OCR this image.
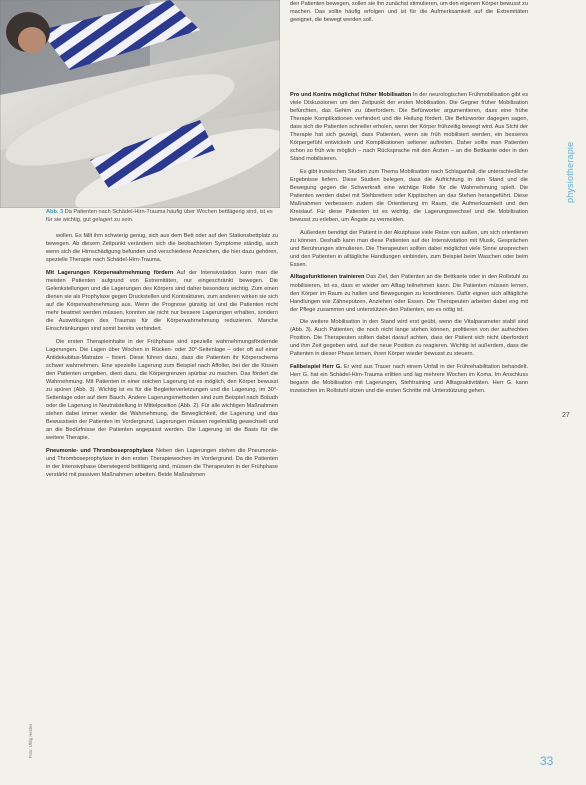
Abb. 3 Da Patienten nach Schädel-Hirn-Trauma häufig über Wochen bettlägerig sind, ist es für sie wichtig, gut gelagert zu sein.

wollen. Es fällt ihm schwierig genug, sich aus dem Bett oder auf den Stationsbettplatz zu bewegen. Ab diesem Zeitpunkt verändern sich die beobachteten Symptome ständig, auch wenn sich die Hirnschädigung befunden und verschiedene Anzeichen, die hier dazu gehören, spezielle Therapie nach Schädel-Hirn-Trauma.

Mit Lagerungen Körperwahrnehmung fördern Auf der Intensivstation kann man die meisten Patienten aufgrund von Extremitäten, nur eingeschränkt bewegen. Die Gelenkstellungen und die Lagerungen des Körpers sind daher besonders wichtig. Zum einen dienen sie als Prophylaxe gegen Druckstellen und Kontrakturen, zum anderen wirken sie sich auf die Körperwahrnehmung aus. Wenn die Prognose günstig ist und die Patienten nicht mehr beatmet werden müssen, konnten sie nicht nur bessere Lagerungen erhalten, sondern die Auswirkungen des Traumas für die Körperwahrnehmung reduzieren. Manche Einschränkungen sind somit bereits verhindert.

Die ersten Therapieinhalte in der Frühphase sind spezielle wahrnehmungsfördernde Lagerungen. Die Lagen über Wochen in Rücken- oder 30°-Seitenlage – oder oft auf einer Antidekubitus-Matratze – fixiert. Diese führen dazu, dass die Patienten ihr Körperschema schwer wahrnehmen. Eine spezielle Lagerung zum Beispiel nach Affolter, bei der die Kissen den Patienten umgeben, dient dazu, die Körpergrenzen spürbar zu machen. Das fördert die Wahrnehmung. Mit Patienten in einer solchen Lagerung ist es möglich, den Körper bewusst zu spüren (Abb. 3). Wichtig ist es für die Begleiterverletzungen und die Lagerung, im 30°-Seitenlage oder auf dem Bauch. Andere Lagerungsmethoden sind zum Beispiel nach Bobath oder die Lagerung in Neutralstellung in Mittelposition (Abb. 2). Für alle wichtigen Maßnahmen stehen dabei immer wieder die Wahrnehmung, die Beweglichkeit, die Lagerung und das Bewusstsein der Patienten im Vordergrund. Lagerungen müssen regelmäßig gewechselt und an die Bedürfnisse der Patienten angepasst werden. Die Lagerung ist die Basis für die weitere Therapie.

Pneumonie- und Thromboseprophylaxe Neben den Lagerungen stehen die Pneumonie- und Thromboseprophylaxe in den ersten Therapiewochen im Vordergrund. Da die Patienten in der Intensivphase überwiegend bettlägerig sind, müssen die Therapeuten in der Frühphase verstärkt mit passiven Maßnahmen arbeiten. Beide Maßnahmen

den Patienten bewegen, sollen sie ihn zunächst stimulieren, um den eigenen Körper bewusst zu machen. Das sollte häufig erfolgen und ist für die Aufmerksamkeit auf die Extremitäten geeignet, die bewegt werden soll.

Pro und Kontra möglichst früher Mobilisation In der neurologischen Frühmobilisation gibt es viele Diskussionen um den Zeitpunkt der ersten Mobilisation. Die Gegner früher Mobilisation befürchten, das Gehirn zu überfordern. Die Befürworter argumentieren, dass eine frühe Therapie Komplikationen verhindert und die Heilung fördert. Die Befürworter dagegen sagen, dass sich die Patienten schneller erholen, wenn der Körper frühzeitig bewegt wird. Aus Sicht der Therapie hat sich gezeigt, dass Patienten, wenn sie früh mobilisiert werden, ein besseres Körpergefühl entwickeln und Komplikationen seltener auftreten. Daher sollte man Patienten schon so früh wie möglich – nach Rücksprache mit den Ärzten – an die Bettkante oder in den Stand mobilisieren.

Es gibt inzwischen Studien zum Thema Mobilisation nach Schlaganfall, die unterschiedliche Ergebnisse liefern. Diese Studien belegen, dass die Aufrichtung in den Stand und die Bewegung gegen die Schwerkraft eine wichtige Rolle für die Wahrnehmung spielt. Die Patienten werden dabei mit Stehbrettern oder Kipptischen an das Stehen herangeführt. Diese Maßnahmen verbessern zudem die Orientierung im Raum, die Aufmerksamkeit und den Kreislauf. Für diese Patienten ist es wichtig, die Lagerungswechsel und die Mobilisation bewusst zu erleben, um Ängste zu vermeiden.

Außerdem benötigt der Patient in der Akutphase viele Reize von außen, um sich orientieren zu können. Deshalb kann man diese Patienten auf der Intensivstation mit Musik, Gesprächen und Berührungen stimulieren. Die Therapeuten sollten dabei möglichst viele Sinne ansprechen und den Patienten in alltägliche Handlungen einbinden, zum Beispiel beim Waschen oder beim Essen.

Alltagsfunktionen trainieren Das Ziel, den Patienten an die Bettkante oder in den Rollstuhl zu mobilisieren, ist es, dass er wieder am Alltag teilnehmen kann. Die Patienten müssen lernen, den Körper im Raum zu halten und Bewegungen zu koordinieren. Dafür eignen sich alltägliche Handlungen wie Zähneputzen, Anziehen oder Essen. Die Therapeuten arbeiten dabei eng mit der Pflege zusammen und unterstützen den Patienten, wo es nötig ist.

Die weitere Mobilisation in den Stand wird erst geübt, wenn die Vitalparameter stabil sind (Abb. 3). Auch Patienten, die noch nicht lange stehen können, profitieren von der aufrechten Position. Die Therapeuten sollten dabei darauf achten, dass der Patient sich nicht überfordert und ihm Zeit gegeben wird, auf die neue Position zu reagieren. Wichtig ist außerdem, dass die Patienten in dieser Phase lernen, ihren Körper wieder bewusst zu steuern.

Fallbeispiel Herr G. Er wird aus Trauer nach einem Unfall in der Frührehabilitation behandelt. Herr G. hat ein Schädel-Hirn-Trauma erlitten und lag mehrere Wochen im Koma. Im Anschluss begann die Mobilisation mit Lagerungen, Stehtraining und Alltagsaktivitäten. Herr G. kann inzwischen im Rollstuhl sitzen und die ersten Schritte mit Unterstützung gehen.

physiotherapie
27
33
Foto: Uhlig Herder
